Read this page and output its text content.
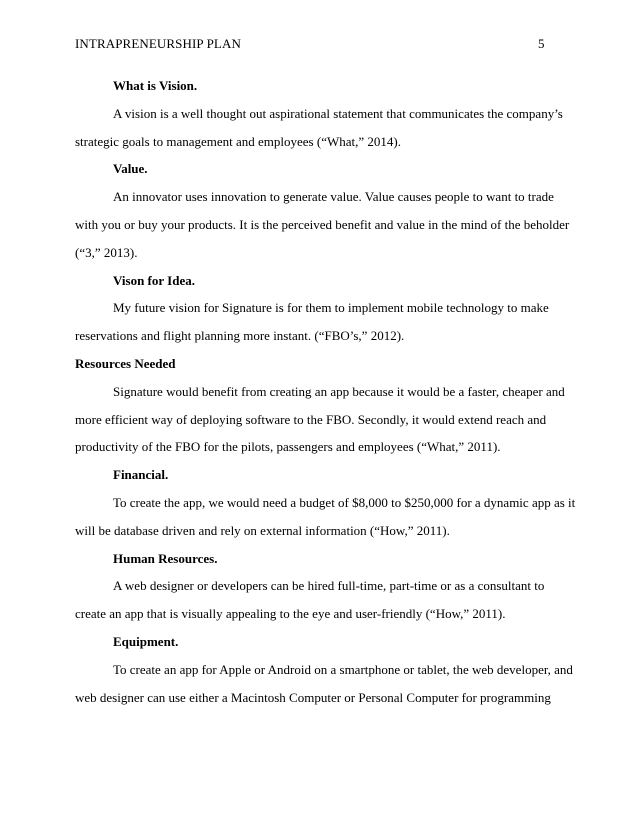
INTRAPRENEURSHIP PLAN	5
What is Vision.
A vision is a well thought out aspirational statement that communicates the company’s
strategic goals to management and employees (“What,” 2014).
Value.
An innovator uses innovation to generate value. Value causes people to want to trade
with you or buy your products. It is the perceived benefit and value in the mind of the beholder
(“3,” 2013).
Vison for Idea.
My future vision for Signature is for them to implement mobile technology to make
reservations and flight planning more instant. (“FBO’s,” 2012).
Resources Needed
Signature would benefit from creating an app because it would be a faster, cheaper and
more efficient way of deploying software to the FBO. Secondly, it would extend reach and
productivity of the FBO for the pilots, passengers and employees (“What,” 2011).
Financial.
To create the app, we would need a budget of $8,000 to $250,000 for a dynamic app as it
will be database driven and rely on external information (“How,” 2011).
Human Resources.
A web designer or developers can be hired full-time, part-time or as a consultant to
create an app that is visually appealing to the eye and user-friendly (“How,” 2011).
Equipment.
To create an app for Apple or Android on a smartphone or tablet, the web developer, and
web designer can use either a Macintosh Computer or Personal Computer for programming
